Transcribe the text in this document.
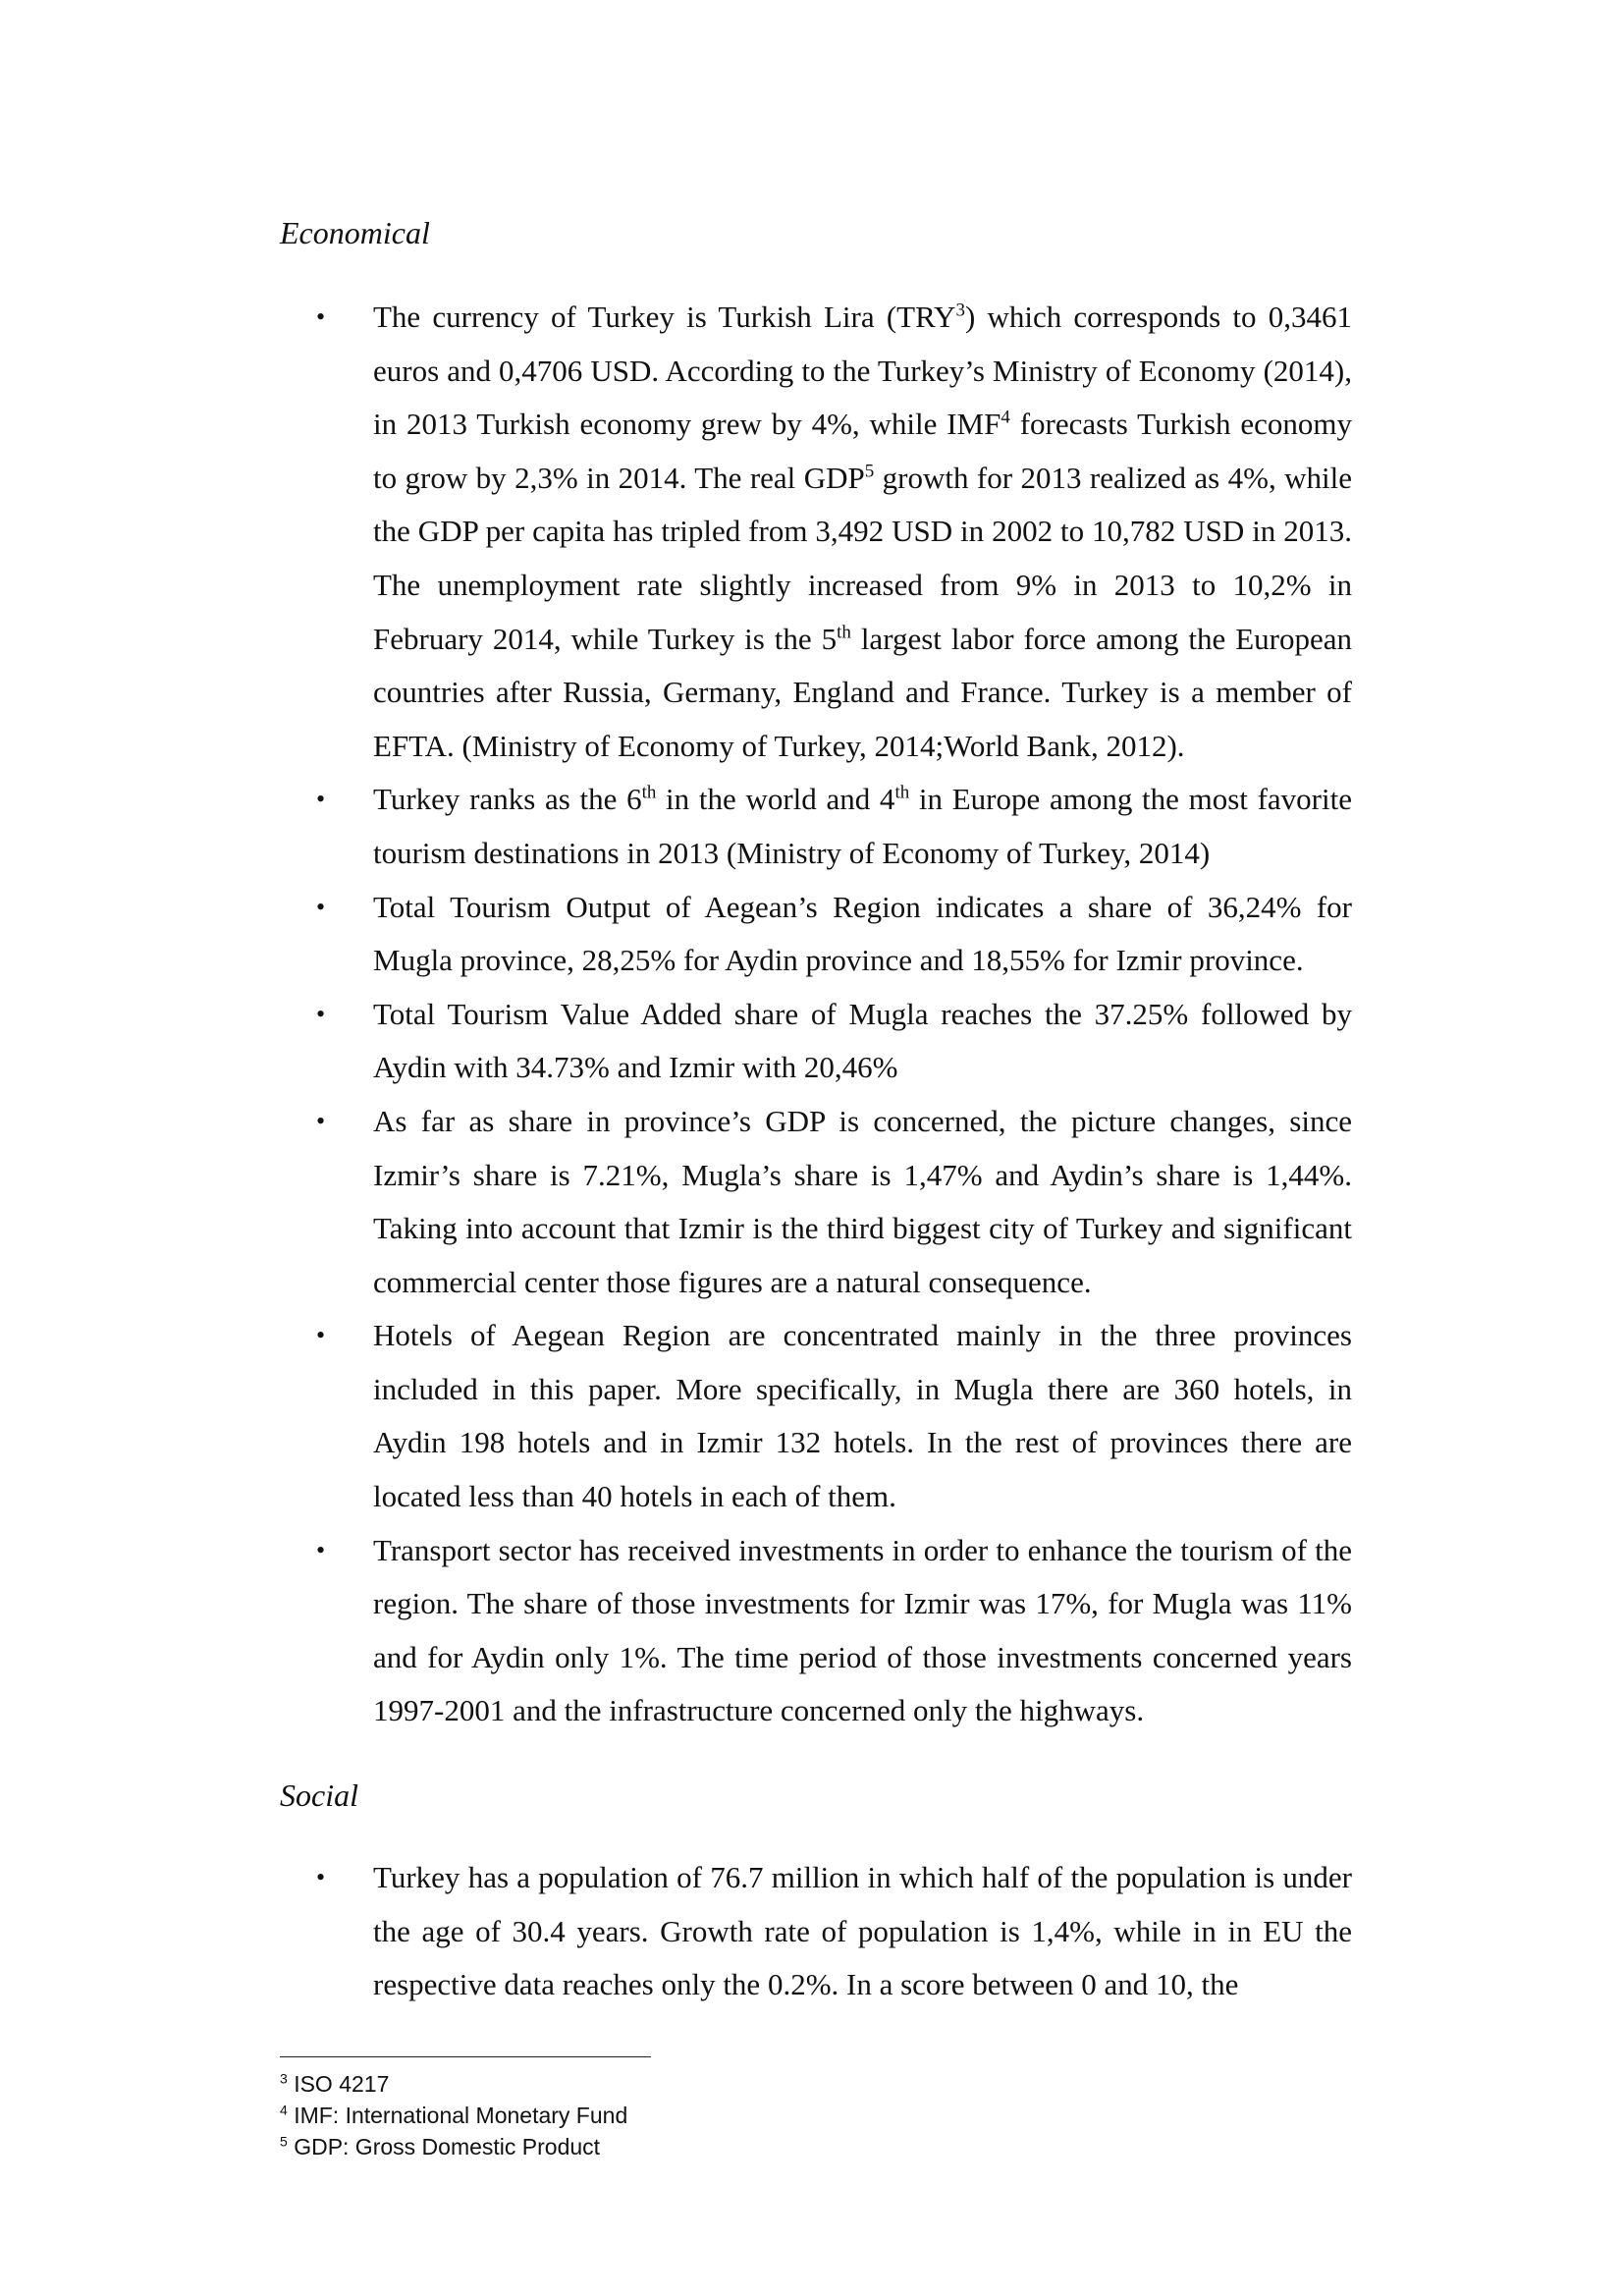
Economical
• The currency of Turkey is Turkish Lira (TRY$^3$) which corresponds to 0,3461 euros and 0,4706 USD. According to the Turkey’s Ministry of Economy (2014), in 2013 Turkish economy grew by 4%, while IMF$^4$ forecasts Turkish economy to grow by 2,3% in 2014. The real GDP$^5$ growth for 2013 realized as 4%, while the GDP per capita has tripled from 3,492 USD in 2002 to 10,782 USD in 2013. The unemployment rate slightly increased from 9% in 2013 to 10,2% in February 2014, while Turkey is the 5th largest labor force among the European countries after Russia, Germany, England and France. Turkey is a member of EFTA. (Ministry of Economy of Turkey, 2014;World Bank, 2012).
• Turkey ranks as the 6th in the world and 4th in Europe among the most favorite tourism destinations in 2013 (Ministry of Economy of Turkey, 2014)
• Total Tourism Output of Aegean’s Region indicates a share of 36,24% for Mugla province, 28,25% for Aydin province and 18,55% for Izmir province.
• Total Tourism Value Added share of Mugla reaches the 37.25% followed by Aydin with 34.73% and Izmir with 20,46%
• As far as share in province’s GDP is concerned, the picture changes, since Izmir’s share is 7.21%, Mugla’s share is 1,47% and Aydin’s share is 1,44%. Taking into account that Izmir is the third biggest city of Turkey and significant commercial center those figures are a natural consequence.
• Hotels of Aegean Region are concentrated mainly in the three provinces included in this paper. More specifically, in Mugla there are 360 hotels, in Aydin 198 hotels and in Izmir 132 hotels. In the rest of provinces there are located less than 40 hotels in each of them.
• Transport sector has received investments in order to enhance the tourism of the region. The share of those investments for Izmir was 17%, for Mugla was 11% and for Aydin only 1%. The time period of those investments concerned years 1997-2001 and the infrastructure concerned only the highways.
Social
• Turkey has a population of 76.7 million in which half of the population is under the age of 30.4 years. Growth rate of population is 1,4%, while in in EU the respective data reaches only the 0.2%. In a score between 0 and 10, the
$^3$ ISO 4217
$^4$ IMF: International Monetary Fund
$^5$ GDP: Gross Domestic Product
